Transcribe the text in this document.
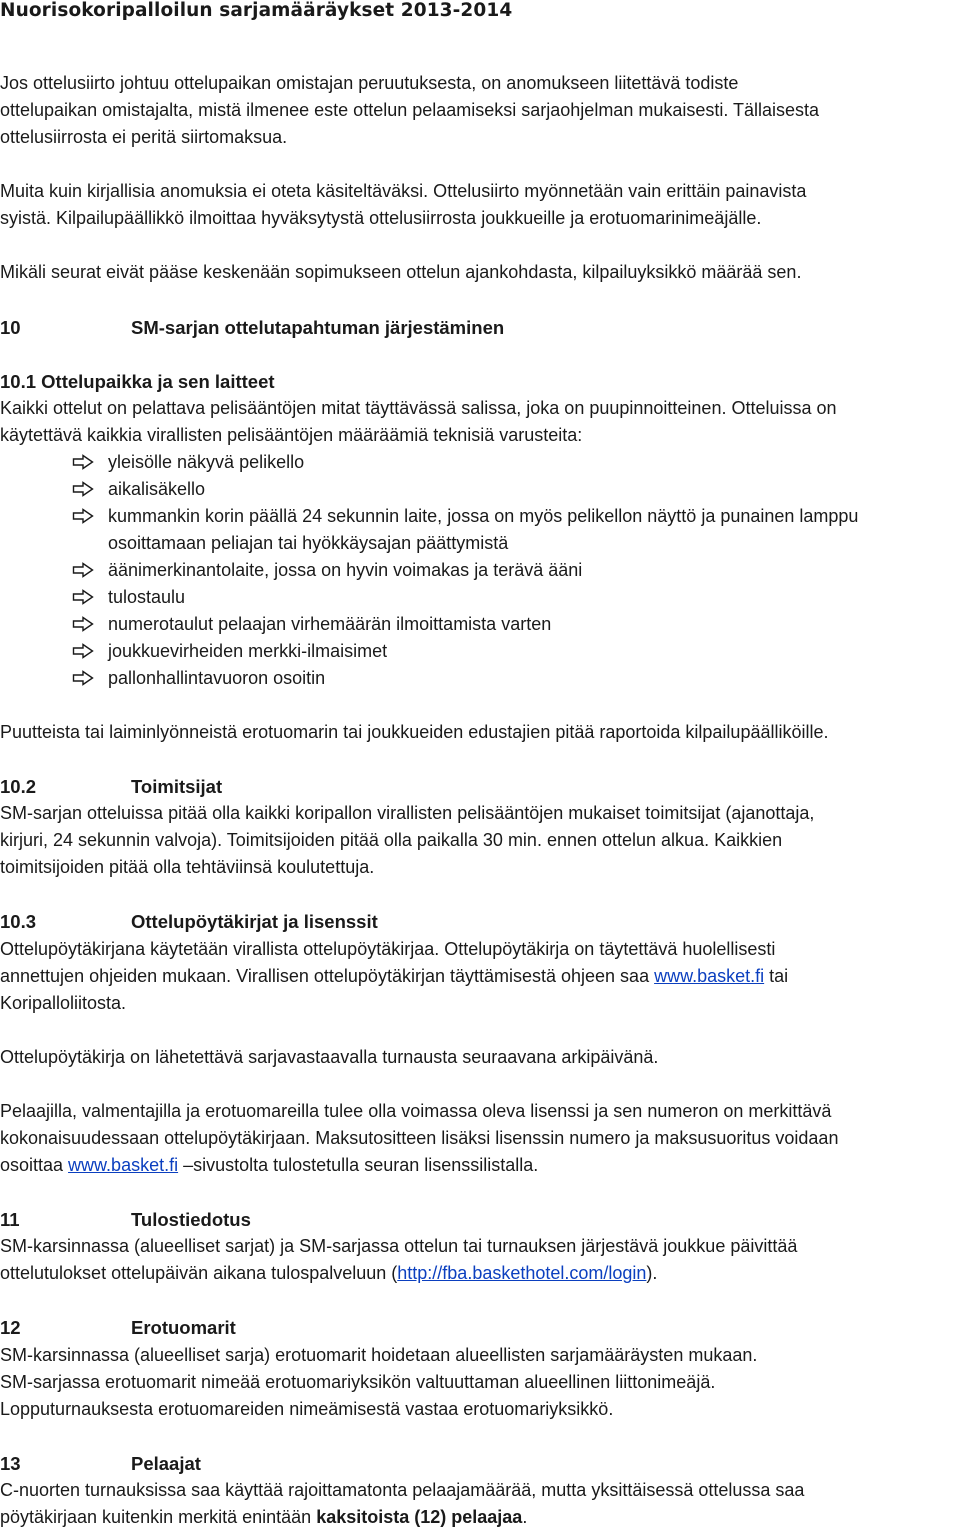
Nuorisokoripalloilun sarjamääräykset 2013-2014

Jos ottelusiirto johtuu ottelupaikan omistajan peruutuksesta, on anomukseen liitettävä todiste
ottelupaikan omistajalta, mistä ilmenee este ottelun pelaamiseksi sarjaohjelman mukaisesti. Tällaisesta
ottelusiirrosta ei peritä siirtomaksua.

Muita kuin kirjallisia anomuksia ei oteta käsiteltäväksi. Ottelusiirto myönnetään vain erittäin painavista
syistä. Kilpailupäällikkö ilmoittaa hyväksytystä ottelusiirrosta joukkueille ja erotuomarinimeäjälle.

Mikäli seurat eivät pääse keskenään sopimukseen ottelun ajankohdasta, kilpailuyksikkö määrää sen.

10	SM-sarjan ottelutapahtuman järjestäminen
10.1 Ottelupaikka ja sen laitteet

Kaikki ottelut on pelattava pelisääntöjen mitat täyttävässä salissa, joka on puupinnoitteinen. Otteluissa on
käytettävä kaikkia virallisten pelisääntöjen määräämiä teknisiä varusteita:

yleisölle näkyvä pelikello
aikalisäkello
kummankin korin päällä 24 sekunnin laite, jossa on myös pelikellon näyttö ja punainen lamppu
osoittamaan peliajan tai hyökkäysajan päättymistä
äänimerkinantolaite, jossa on hyvin voimakas ja terävä ääni
tulostaulu
numerotaulut pelaajan virhemäärän ilmoittamista varten
joukkuevirheiden merkki-ilmaisimet
pallonhallintavuoron osoitin

Puutteista tai laiminlyönneistä erotuomarin tai joukkueiden edustajien pitää raportoida kilpailupäälliköille.

10.2	Toimitsijat

SM-sarjan otteluissa pitää olla kaikki koripallon virallisten pelisääntöjen mukaiset toimitsijat (ajanottaja,
kirjuri, 24 sekunnin valvoja). Toimitsijoiden pitää olla paikalla 30 min. ennen ottelun alkua. Kaikkien
toimitsijoiden pitää olla tehtäviinsä koulutettuja.

10.3	Ottelupöytäkirjat ja lisenssit

Ottelupöytäkirjana käytetään virallista ottelupöytäkirjaa. Ottelupöytäkirja on täytettävä huolellisesti
annettujen ohjeiden mukaan. Virallisen ottelupöytäkirjan täyttämisestä ohjeen saa www.basket.fi tai
Koripalloliitosta.

Ottelupöytäkirja on lähetettävä sarjavastaavalla turnausta seuraavana arkipäivänä.

Pelaajilla, valmentajilla ja erotuomareilla tulee olla voimassa oleva lisenssi ja sen numeron on merkittävä
kokonaisuudessaan ottelupöytäkirjaan. Maksutositteen lisäksi lisenssin numero ja maksusuoritus voidaan
osoittaa www.basket.fi –sivustolta tulostetulla seuran lisenssilistalla.

11	Tulostiedotus

SM-karsinnassa (alueelliset sarjat) ja SM-sarjassa ottelun tai turnauksen järjestävä joukkue päivittää
ottelutulokset ottelupäivän aikana tulospalveluun (http://fba.baskethotel.com/login).

12	Erotuomarit

SM-karsinnassa (alueelliset sarja) erotuomarit hoidetaan alueellisten sarjamääräysten mukaan.
SM-sarjassa erotuomarit nimeää erotuomariyksikön valtuuttaman alueellinen liittonimeäjä.
Lopputurnauksesta erotuomareiden nimeämisestä vastaa erotuomariyksikkö.

13	Pelaajat

C-nuorten turnauksissa saa käyttää rajoittamatonta pelaajamäärää, mutta yksittäisessä ottelussa saa
pöytäkirjaan kuitenkin merkitä enintään kaksitoista (12) pelaajaa.
